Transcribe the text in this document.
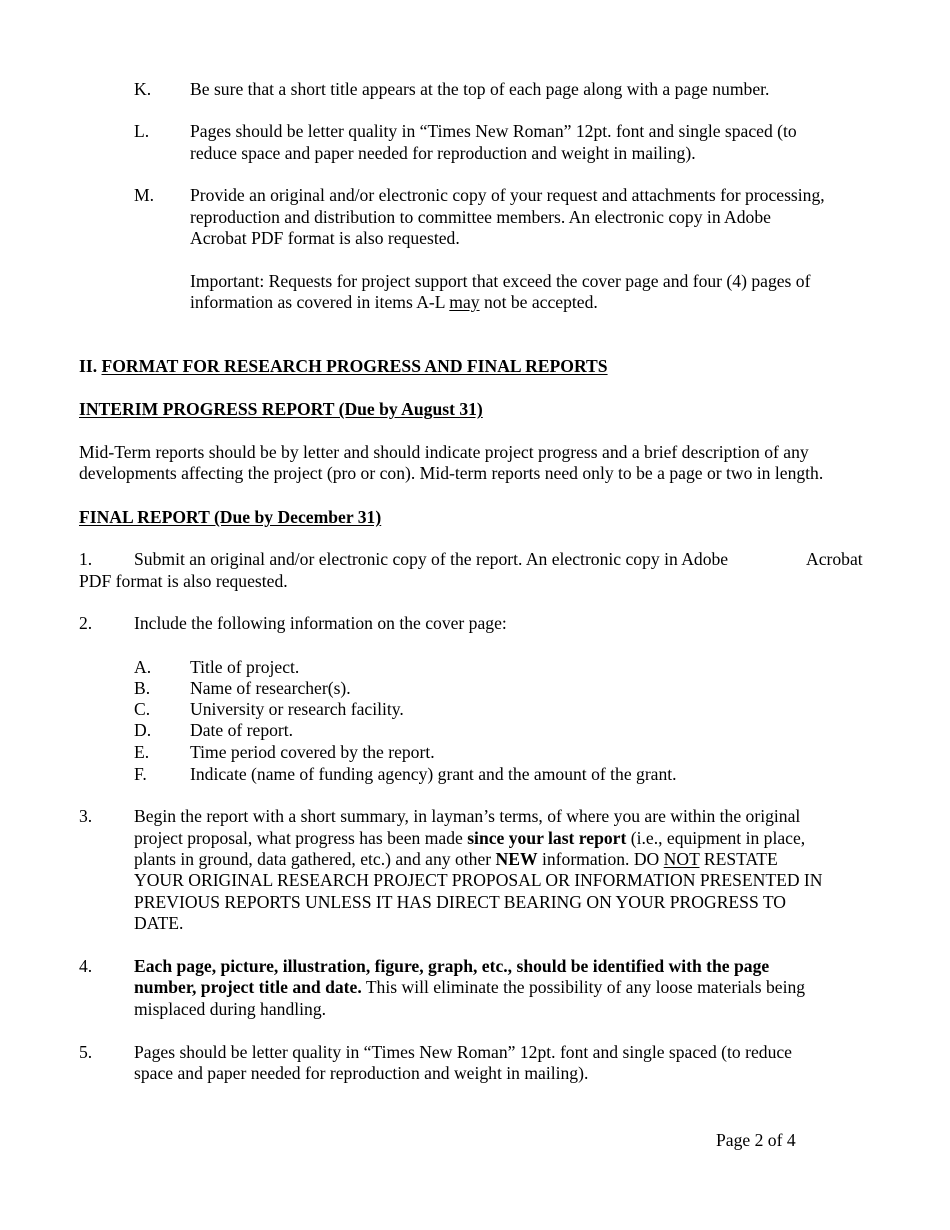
K. Be sure that a short title appears at the top of each page along with a page number.
L. Pages should be letter quality in “Times New Roman” 12pt. font and single spaced (to
reduce space and paper needed for reproduction and weight in mailing).
M. Provide an original and/or electronic copy of your request and attachments for processing,
reproduction and distribution to committee members. An electronic copy in Adobe
Acrobat PDF format is also requested.
Important: Requests for project support that exceed the cover page and four (4) pages of
information as covered in items A-L may not be accepted.
II. FORMAT FOR RESEARCH PROGRESS AND FINAL REPORTS
INTERIM PROGRESS REPORT (Due by August 31)
Mid-Term reports should be by letter and should indicate project progress and a brief description of any
developments affecting the project (pro or con). Mid-term reports need only to be a page or two in length.
FINAL REPORT (Due by December 31)
1. Submit an original and/or electronic copy of the report. An electronic copy in Adobe	Acrobat
PDF format is also requested.
2. Include the following information on the cover page:
A. Title of project.
B. Name of researcher(s).
C. University or research facility.
D. Date of report.
E. Time period covered by the report.
F. Indicate (name of funding agency) grant and the amount of the grant.
3. Begin the report with a short summary, in layman’s terms, of where you are within the original
project proposal, what progress has been made since your last report (i.e., equipment in place,
plants in ground, data gathered, etc.) and any other NEW information. DO NOT RESTATE
YOUR ORIGINAL RESEARCH PROJECT PROPOSAL OR INFORMATION PRESENTED IN
PREVIOUS REPORTS UNLESS IT HAS DIRECT BEARING ON YOUR PROGRESS TO
DATE.
4. Each page, picture, illustration, figure, graph, etc., should be identified with the page
number, project title and date. This will eliminate the possibility of any loose materials being
misplaced during handling.
5. Pages should be letter quality in “Times New Roman” 12pt. font and single spaced (to reduce
space and paper needed for reproduction and weight in mailing).
Page 2 of 4
